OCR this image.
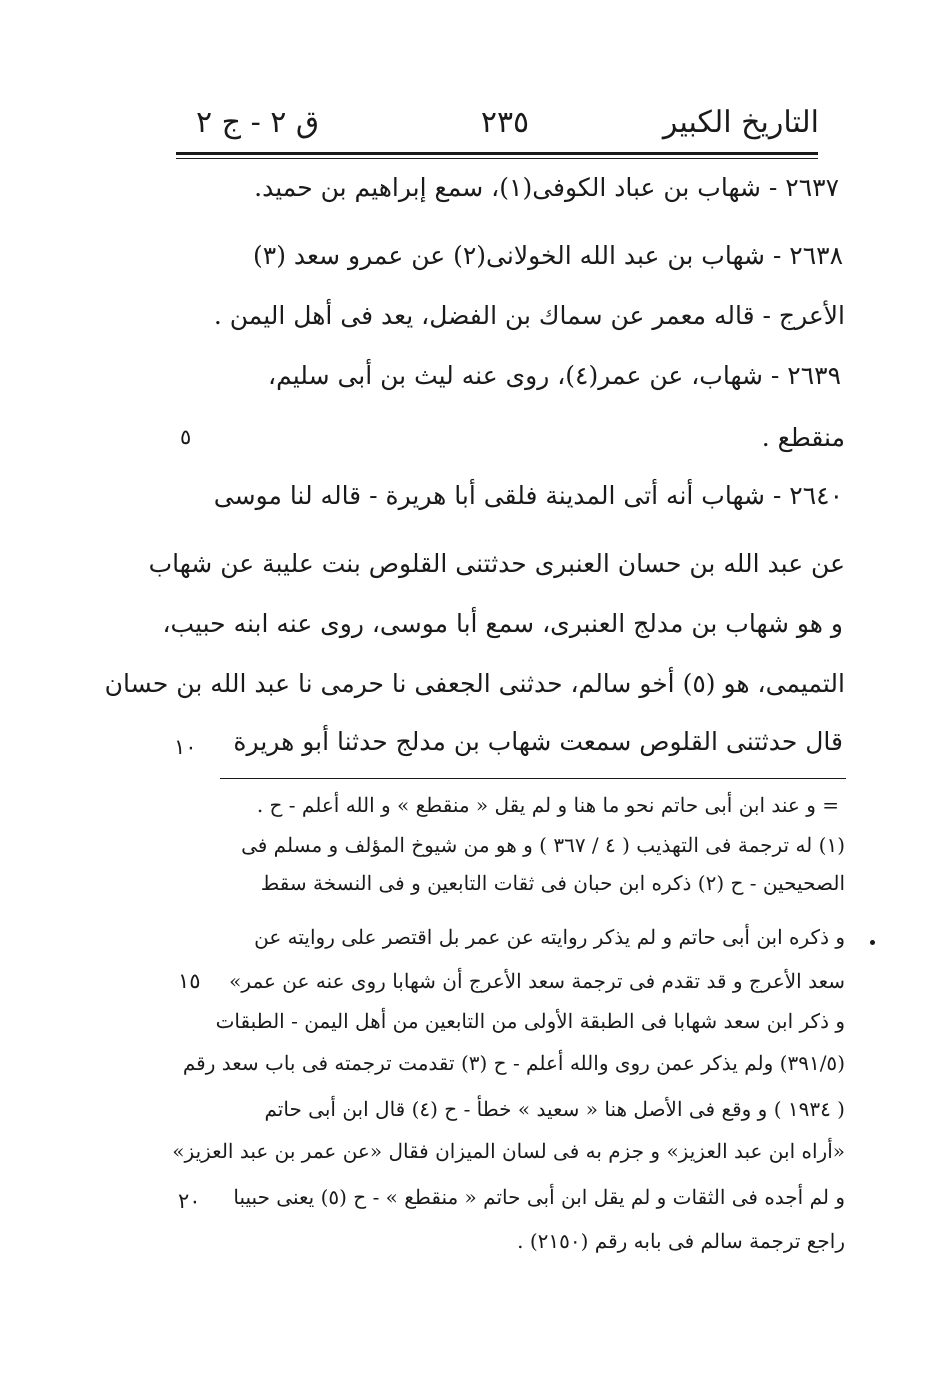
التاريخ الكبير
٢٣٥
ق ٢ - ج ٢
٢٦٣٧ - شهاب بن عباد الكوفى(١)، سمع إبراهيم بن حميد.
٢٦٣٨ - شهاب بن عبد الله الخولانى(٢) عن عمرو سعد (٣)
الأعرج - قاله معمر عن سماك بن الفضل، يعد فى أهل اليمن .
٢٦٣٩ - شهاب، عن عمر(٤)، روى عنه ليث بن أبى سليم،
منقطع .
٢٦٤٠ - شهاب أنه أتى المدينة فلقى أبا هريرة - قاله لنا موسى
عن عبد الله بن حسان العنبرى حدثتنى القلوص بنت عليبة عن شهاب
و هو شهاب بن مدلج العنبرى، سمع أبا موسى، روى عنه ابنه حبيب،
التميمى، هو (٥) أخو سالم، حدثنى الجعفى نا حرمى نا عبد الله بن حسان
قال حدثتنى القلوص سمعت شهاب بن مدلج حدثنا أبو هريرة
٥
١٠
= و عند ابن أبى حاتم نحو ما هنا و لم يقل « منقطع » و الله أعلم - ح .
(١) له ترجمة فى التهذيب ( ٤ / ٣٦٧ ) و هو من شيوخ المؤلف و مسلم فى
الصحيحين - ح (٢) ذكره ابن حبان فى ثقات التابعين و فى النسخة سقط
و ذكره ابن أبى حاتم و لم يذكر روايته عن عمر بل اقتصر على روايته عن
سعد الأعرج و قد تقدم فى ترجمة سعد الأعرج أن شهابا روى عنه عن عمر»
و ذكر ابن سعد شهابا فى الطبقة الأولى من التابعين من أهل اليمن - الطبقات
(٣٩١/٥) ولم يذكر عمن روى والله أعلم - ح (٣) تقدمت ترجمته فى باب سعد رقم
( ١٩٣٤ ) و وقع فى الأصل هنا « سعيد » خطأ - ح (٤) قال ابن أبى حاتم
«أراه ابن عبد العزيز» و جزم به فى لسان الميزان فقال «عن عمر بن عبد العزيز»
و لم أجده فى الثقات و لم يقل ابن أبى حاتم « منقطع » - ح (٥) يعنى حبيبا
راجع ترجمة سالم فى بابه رقم (٢١٥٠) .
١٥
٢٠
